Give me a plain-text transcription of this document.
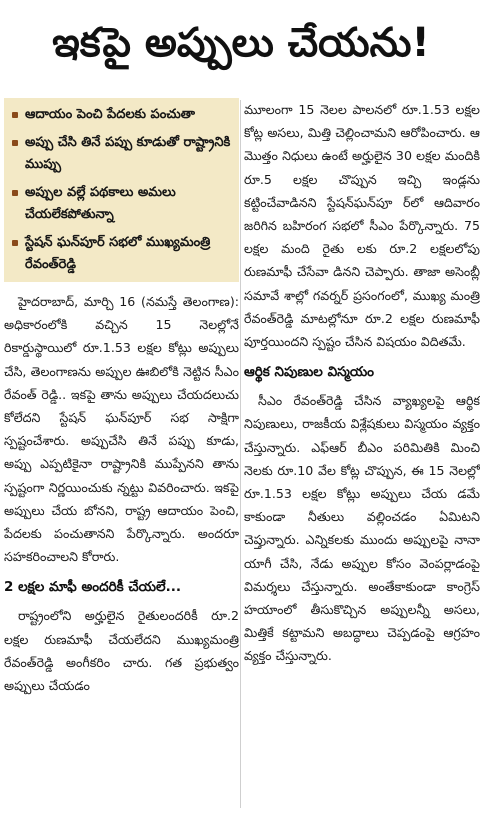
ఇకపై అప్పులు చేయను!
ఆదాయం పెంచి పేదలకు పంచుతా
అప్పు చేసి తినే పప్పు కూడుతో రాష్ట్రానికి ముప్పు
అప్పుల వల్లే పథకాలు అమలు చేయలేకపోతున్నా
స్టేషన్ ఘన్‌పూర్ సభలో ముఖ్యమంత్రి రేవంత్‌రెడ్డి

హైదరాబాద్, మార్చి 16 (నమస్తే తెలంగాణ): అధికారంలోకి వచ్చిన 15 నెలల్లోనే రికార్డుస్థాయిలో రూ.1.53 లక్షల కోట్లు అప్పులు చేసి, తెలంగాణను అప్పుల ఊబిలోకి నెట్టిన సీఎం రేవంత్ రెడ్డి.. ఇకపై తాను అప్పులు చేయదలుచు కోలేదని స్టేషన్ ఘన్‌పూర్ సభ సాక్షిగా స్పష్టంచేశారు. అప్పుచేసి తినే పప్పు కూడు, అప్పు ఎప్పటికైనా రాష్ట్రానికి ముప్పేనని తాను స్పష్టంగా నిర్ణయించుకు న్నట్టు వివరించారు. ఇకపై అప్పులు చేయ బోనని, రాష్ట్ర ఆదాయం పెంచి, పేదలకు పంచుతానని పేర్కొన్నారు. అందరూ సహకరించాలని కోరారు.

2 లక్షల మాఫీ అందరికీ చేయలేే...

రాష్ట్రంలోని అర్హులైన రైతులందరికీ రూ.2 లక్షల రుణమాఫీ చేయలేదని ముఖ్యమంత్రి రేవంత్‌రెడ్డి అంగీకరిం చారు. గత ప్రభుత్వం అప్పులు చేయడం

మూలంగా 15 నెలల పాలనలో రూ.1.53 లక్షల కోట్ల అసలు, మిత్తి చెల్లించామని ఆరోపించారు. ఆ మొత్తం నిధులు ఉంటే అర్హులైన 30 లక్షల మందికి రూ.5 లక్షల చొప్పున ఇచ్చి ఇండ్లను కట్టించేవాడినని స్టేషన్‌ఘన్‌పూ ర్‌లో ఆదివారం జరిగిన బహిరంగ సభలో సీఎం పేర్కొన్నారు. 75 లక్షల మంది రైతు లకు రూ.2 లక్షలలోపు రుణమాఫీ చేసేవా డినని చెప్పారు. తాజా అసెంబ్లీ సమావే శాల్లో గవర్నర్ ప్రసంగంలో, ముఖ్య మంత్రి రేవంత్‌రెడ్డి మాటల్లోనూ రూ.2 లక్షల రుణమాఫీ పూర్తయిందని స్పష్టం చేసిన విషయం విదితమే.

ఆర్థిక నిపుణుల విస్మయం

సీఎం రేవంత్‌రెడ్డి చేసిన వ్యాఖ్యలపై ఆర్థిక నిపుణులు, రాజకీయ విశ్లేషకులు విస్మయం వ్యక్తం చేస్తున్నారు. ఎఫ్‌ఆర్ బీఎం పరిమితికి మించి నెలకు రూ.10 వేల కోట్ల చొప్పున, ఈ 15 నెలల్లో రూ.1.53 లక్షల కోట్లు అప్పులు చేయ డమే కాకుండా నీతులు వల్లించడం ఏమిటని చెప్తున్నారు. ఎన్నికలకు ముందు అప్పులపై నానా యాగీ చేసి, నేడు అప్పుల కోసం వెంపర్లాడంపై విమర్శలు చేస్తున్నారు. అంతేకాకుండా కాంగ్రెస్ హయాంలో తీసుకొచ్చిన అప్పులన్నీ అసలు, మిత్తికే కట్టామని అబద్ధాలు చెప్పడంపై ఆగ్రహం వ్యక్తం చేస్తున్నారు.
